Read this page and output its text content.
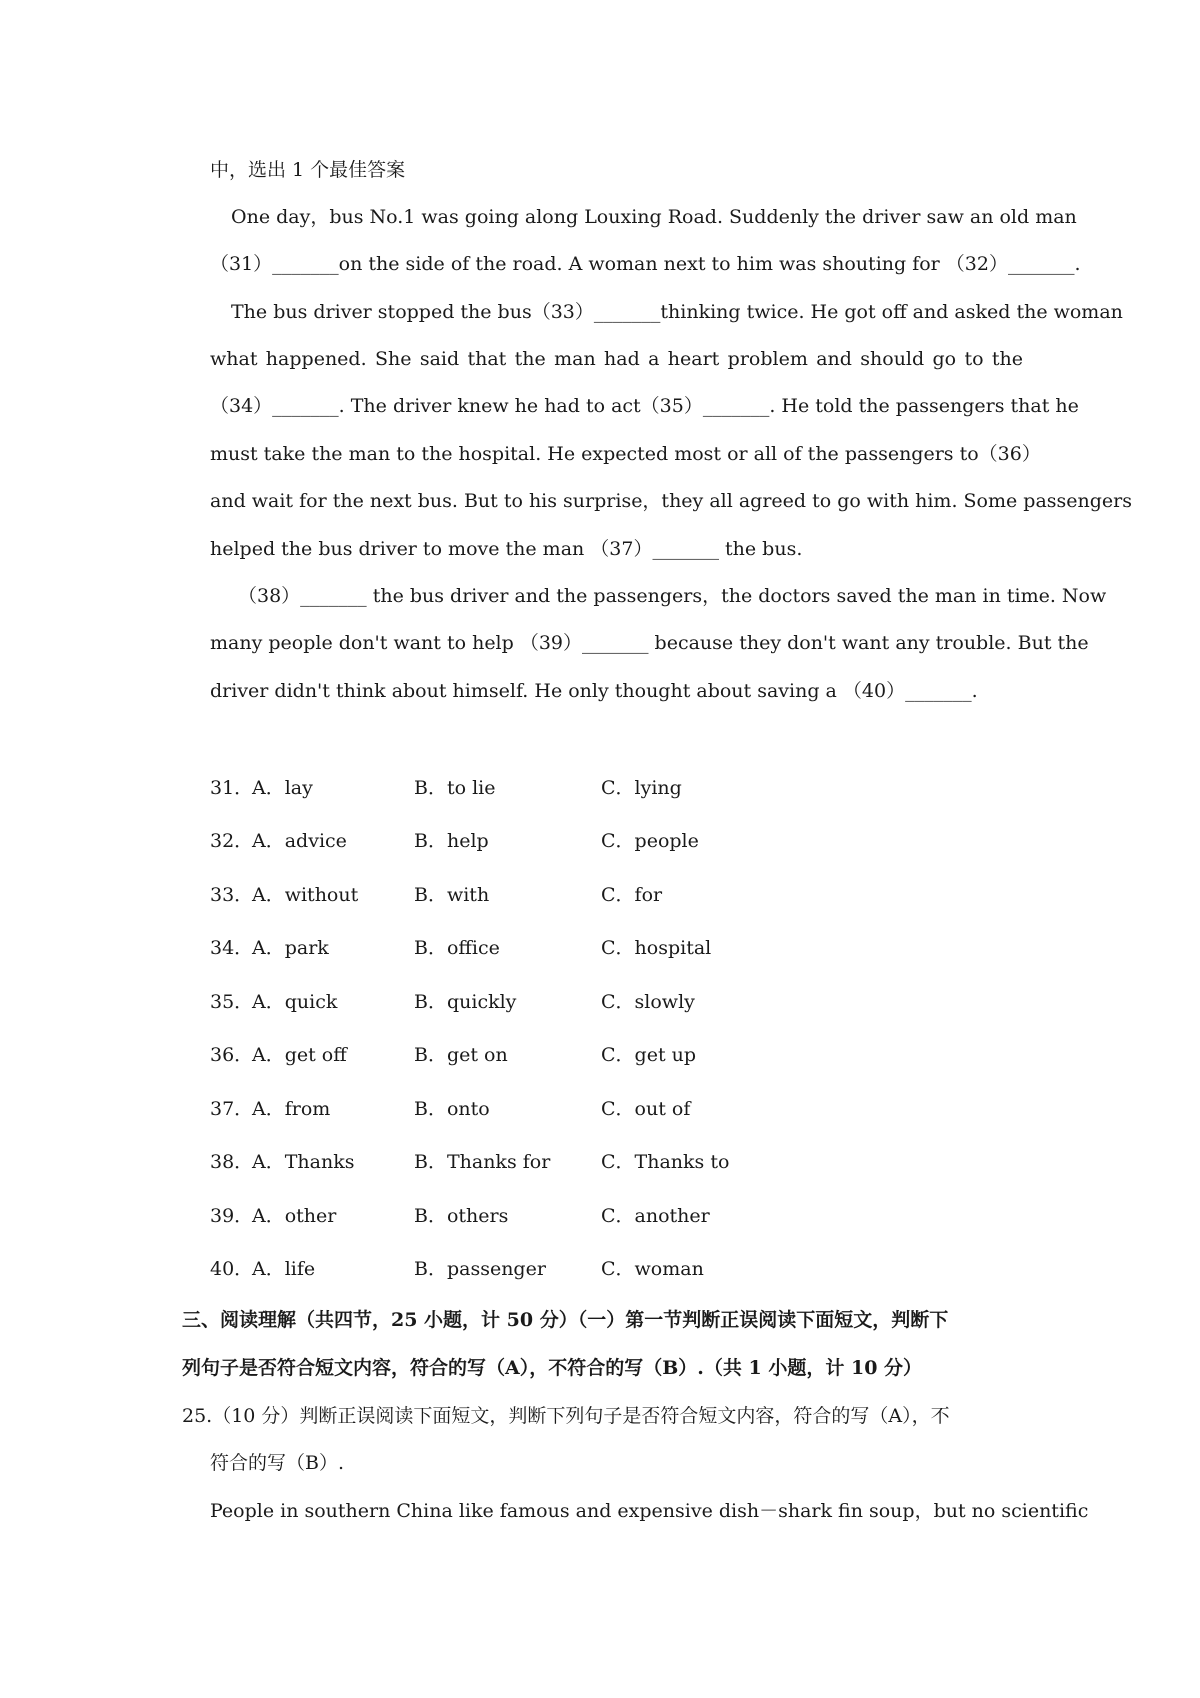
中，选出 1 个最佳答案
One day，bus No.1 was going along Louxing Road. Suddenly the driver saw an old man
（31）_______on the side of the road. A woman next to him was shouting for （32）_______.
The bus driver stopped the bus（33）_______thinking twice. He got off and asked the woman
what happened. She said that the man had a heart problem and should go to the
（34）_______. The driver knew he had to act（35）_______. He told the passengers that he
must take the man to the hospital. He expected most or all of the passengers to（36）
and wait for the next bus. But to his surprise，they all agreed to go with him. Some passengers
helped the bus driver to move the man （37）_______ the bus.
（38）_______ the bus driver and the passengers，the doctors saved the man in time. Now
many people don't want to help （39）_______ because they don't want any trouble. But the
driver didn't think about himself. He only thought about saving a （40）_______.
31．
A．lay	B．to lie	C．lying
32．
A．advice	B．help	C．people
33．
A．without	B．with	C．for
34．
A．park	B．office	C．hospital
35．
A．quick	B．quickly	C．slowly
36．
A．get off	B．get on	C．get up
37．
A．from	B．onto	C．out of
38．
A．Thanks	B．Thanks for	C．Thanks to
39．
A．other	B．others	C．another
40．
A．life	B．passenger	C．woman
三、阅读理解（共四节，25 小题，计 50 分）（一）第一节判断正误阅读下面短文，判断下
列句子是否符合短文内容，符合的写（A），不符合的写（B）.（共 1 小题，计 10 分）
25.（10 分）判断正误阅读下面短文，判断下列句子是否符合短文内容，符合的写（A），不
符合的写（B）.
People in southern China like famous and expensive dish－shark fin soup，but no scientific
